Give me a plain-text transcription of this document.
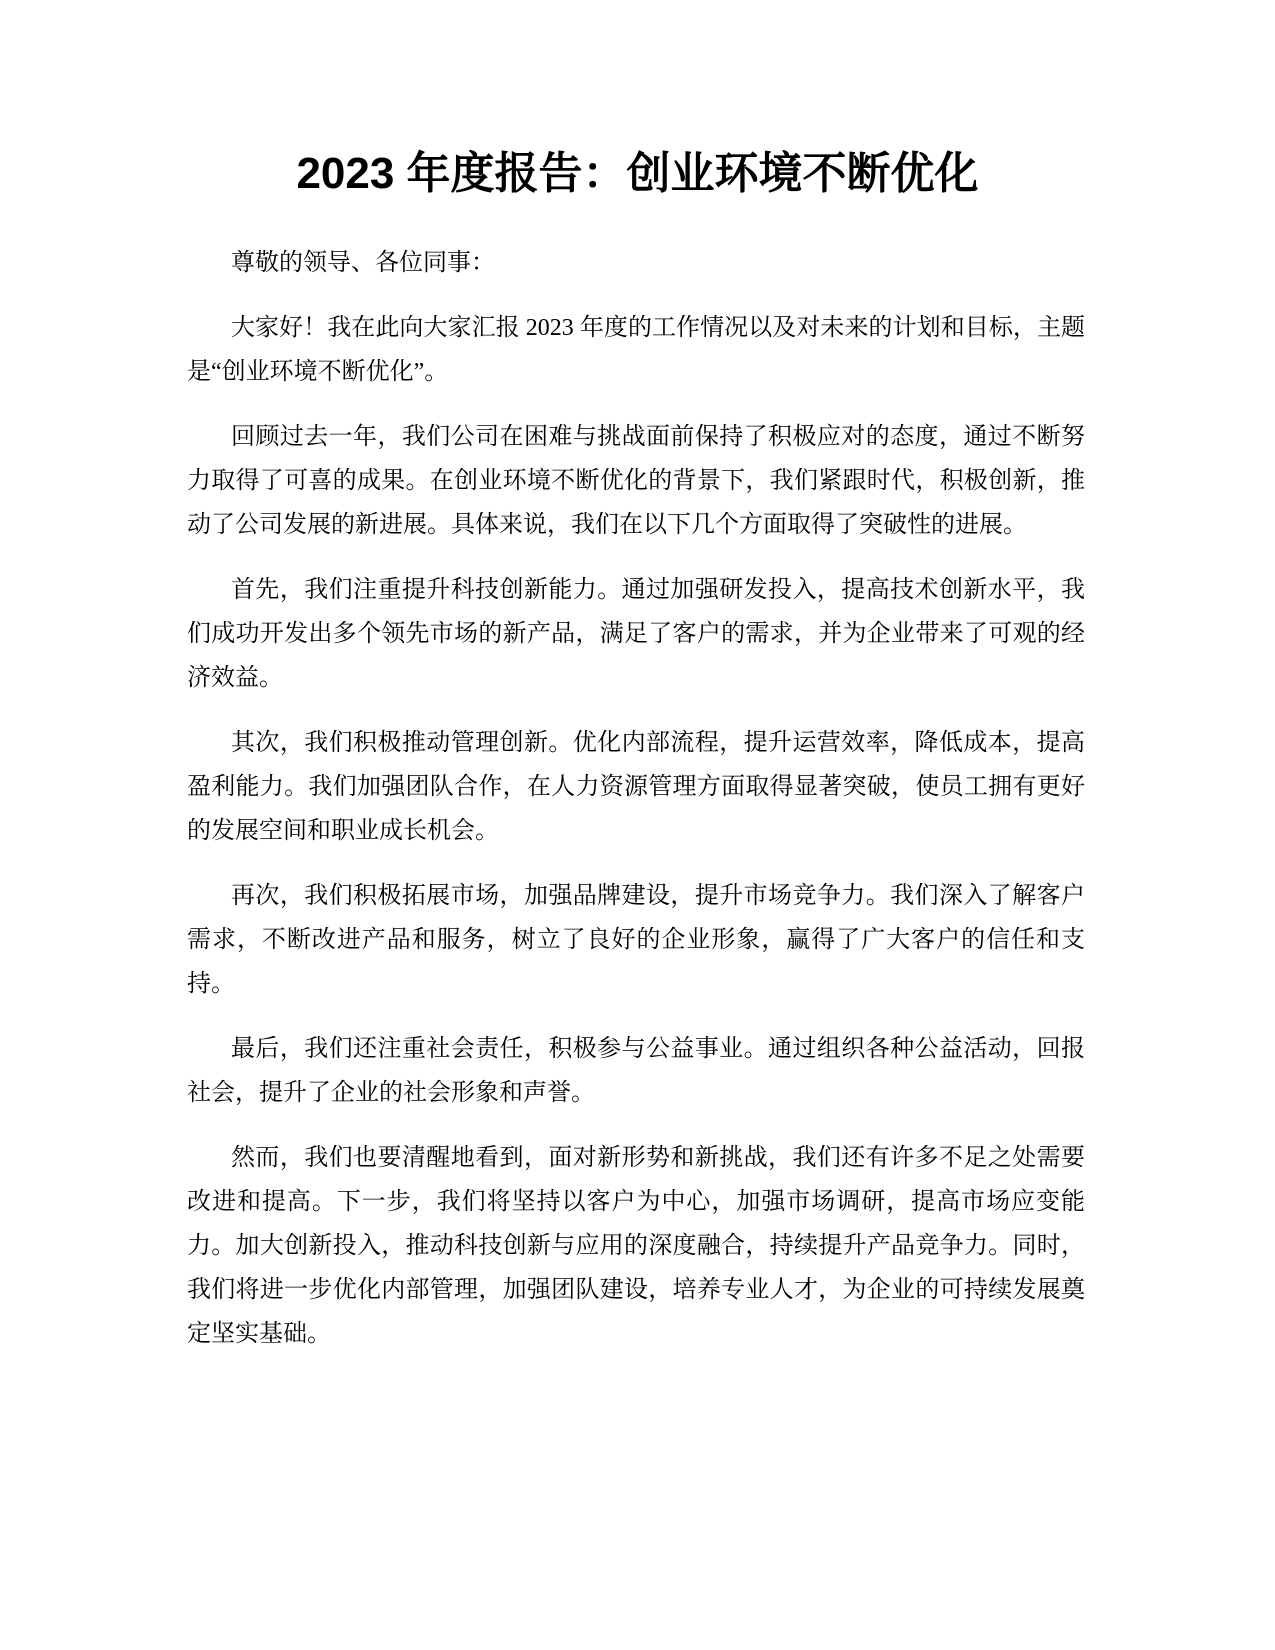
2023 年度报告：创业环境不断优化

尊敬的领导、各位同事：

大家好！我在此向大家汇报 2023 年度的工作情况以及对未来的计划和目标，主题是“创业环境不断优化”。

回顾过去一年，我们公司在困难与挑战面前保持了积极应对的态度，通过不断努力取得了可喜的成果。在创业环境不断优化的背景下，我们紧跟时代，积极创新，推动了公司发展的新进展。具体来说，我们在以下几个方面取得了突破性的进展。

首先，我们注重提升科技创新能力。通过加强研发投入，提高技术创新水平，我们成功开发出多个领先市场的新产品，满足了客户的需求，并为企业带来了可观的经济效益。

其次，我们积极推动管理创新。优化内部流程，提升运营效率，降低成本，提高盈利能力。我们加强团队合作，在人力资源管理方面取得显著突破，使员工拥有更好的发展空间和职业成长机会。

再次，我们积极拓展市场，加强品牌建设，提升市场竞争力。我们深入了解客户需求，不断改进产品和服务，树立了良好的企业形象，赢得了广大客户的信任和支持。

最后，我们还注重社会责任，积极参与公益事业。通过组织各种公益活动，回报社会，提升了企业的社会形象和声誉。

然而，我们也要清醒地看到，面对新形势和新挑战，我们还有许多不足之处需要改进和提高。下一步，我们将坚持以客户为中心，加强市场调研，提高市场应变能力。加大创新投入，推动科技创新与应用的深度融合，持续提升产品竞争力。同时，我们将进一步优化内部管理，加强团队建设，培养专业人才，为企业的可持续发展奠定坚实基础。
